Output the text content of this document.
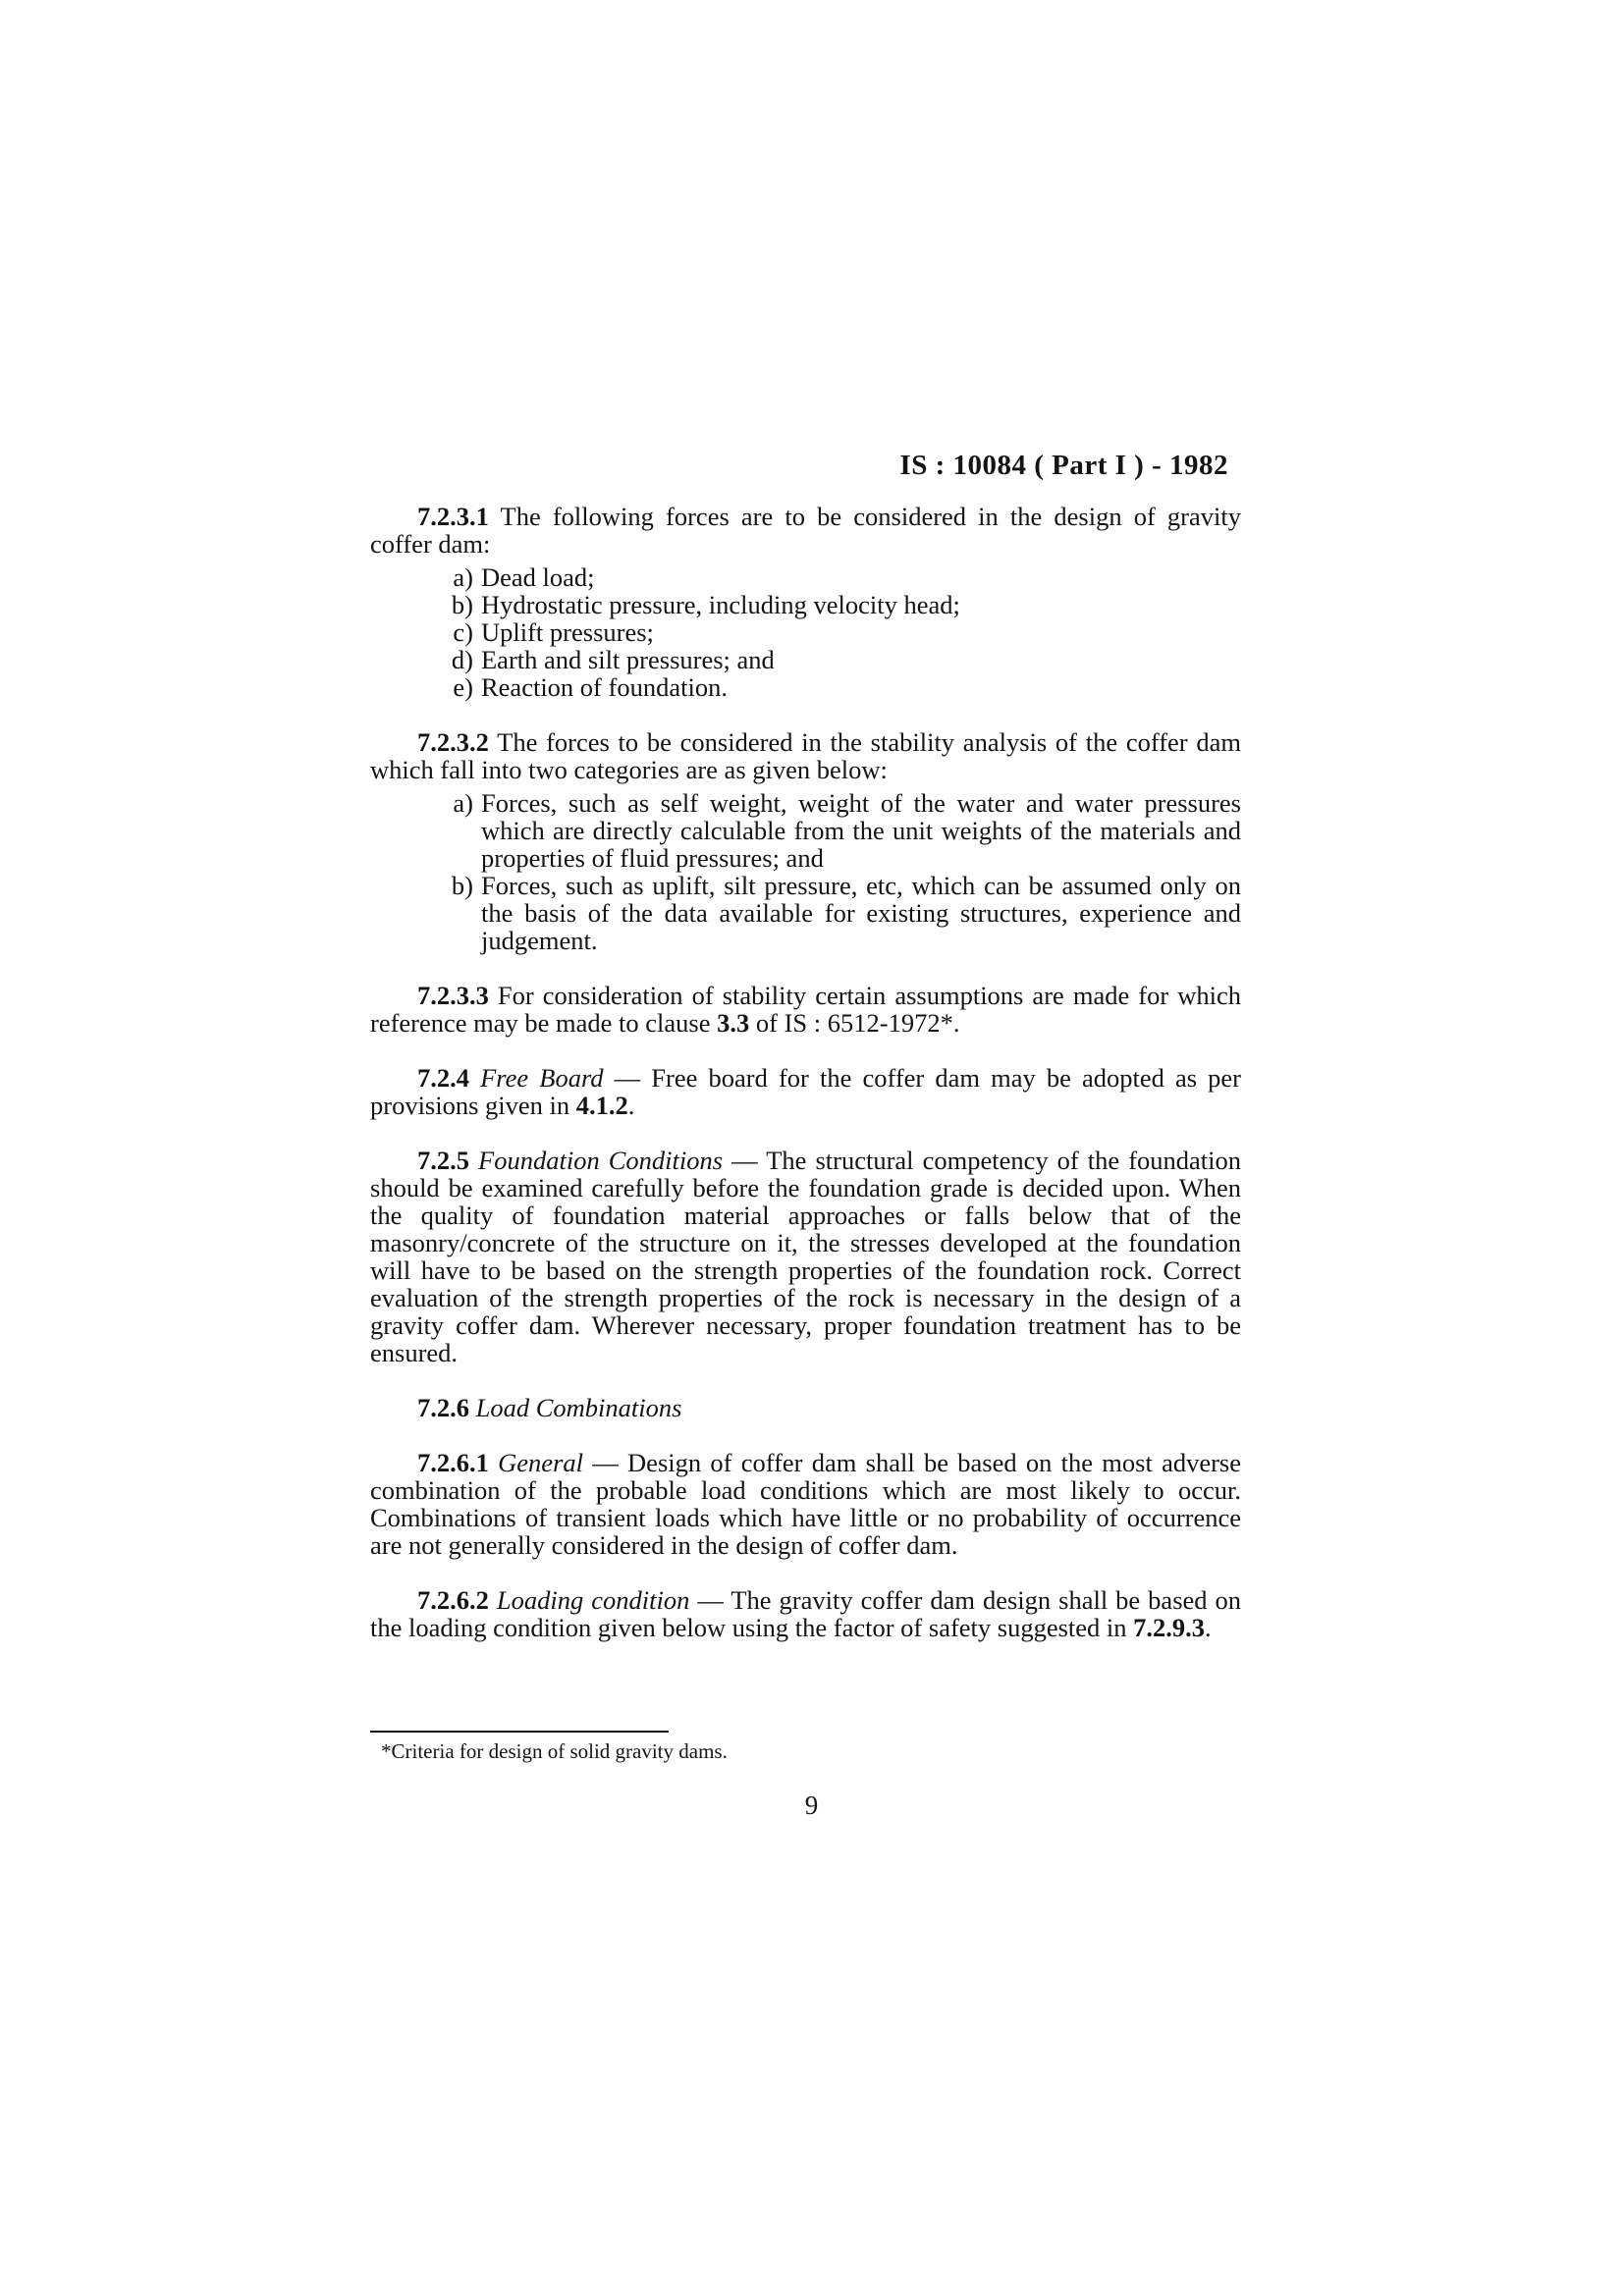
IS : 10084 ( Part I ) - 1982

7.2.3.1 The following forces are to be considered in the design of gravity coffer dam:

a) Dead load;
b) Hydrostatic pressure, including velocity head;
c) Uplift pressures;
d) Earth and silt pressures; and
e) Reaction of foundation.

7.2.3.2 The forces to be considered in the stability analysis of the coffer dam which fall into two categories are as given below:

a) Forces, such as self weight, weight of the water and water pressures which are directly calculable from the unit weights of the materials and properties of fluid pressures; and
b) Forces, such as uplift, silt pressure, etc, which can be assumed only on the basis of the data available for existing structures, experience and judgement.

7.2.3.3 For consideration of stability certain assumptions are made for which reference may be made to clause 3.3 of IS : 6512-1972*.

7.2.4 Free Board — Free board for the coffer dam may be adopted as per provisions given in 4.1.2.

7.2.5 Foundation Conditions — The structural competency of the foundation should be examined carefully before the foundation grade is decided upon. When the quality of foundation material approaches or falls below that of the masonry/concrete of the structure on it, the stresses developed at the foundation will have to be based on the strength properties of the foundation rock. Correct evaluation of the strength properties of the rock is necessary in the design of a gravity coffer dam. Wherever necessary, proper foundation treatment has to be ensured.

7.2.6 Load Combinations

7.2.6.1 General — Design of coffer dam shall be based on the most adverse combination of the probable load conditions which are most likely to occur. Combinations of transient loads which have little or no probability of occurrence are not generally considered in the design of coffer dam.

7.2.6.2 Loading condition — The gravity coffer dam design shall be based on the loading condition given below using the factor of safety suggested in 7.2.9.3.

*Criteria for design of solid gravity dams.

9
